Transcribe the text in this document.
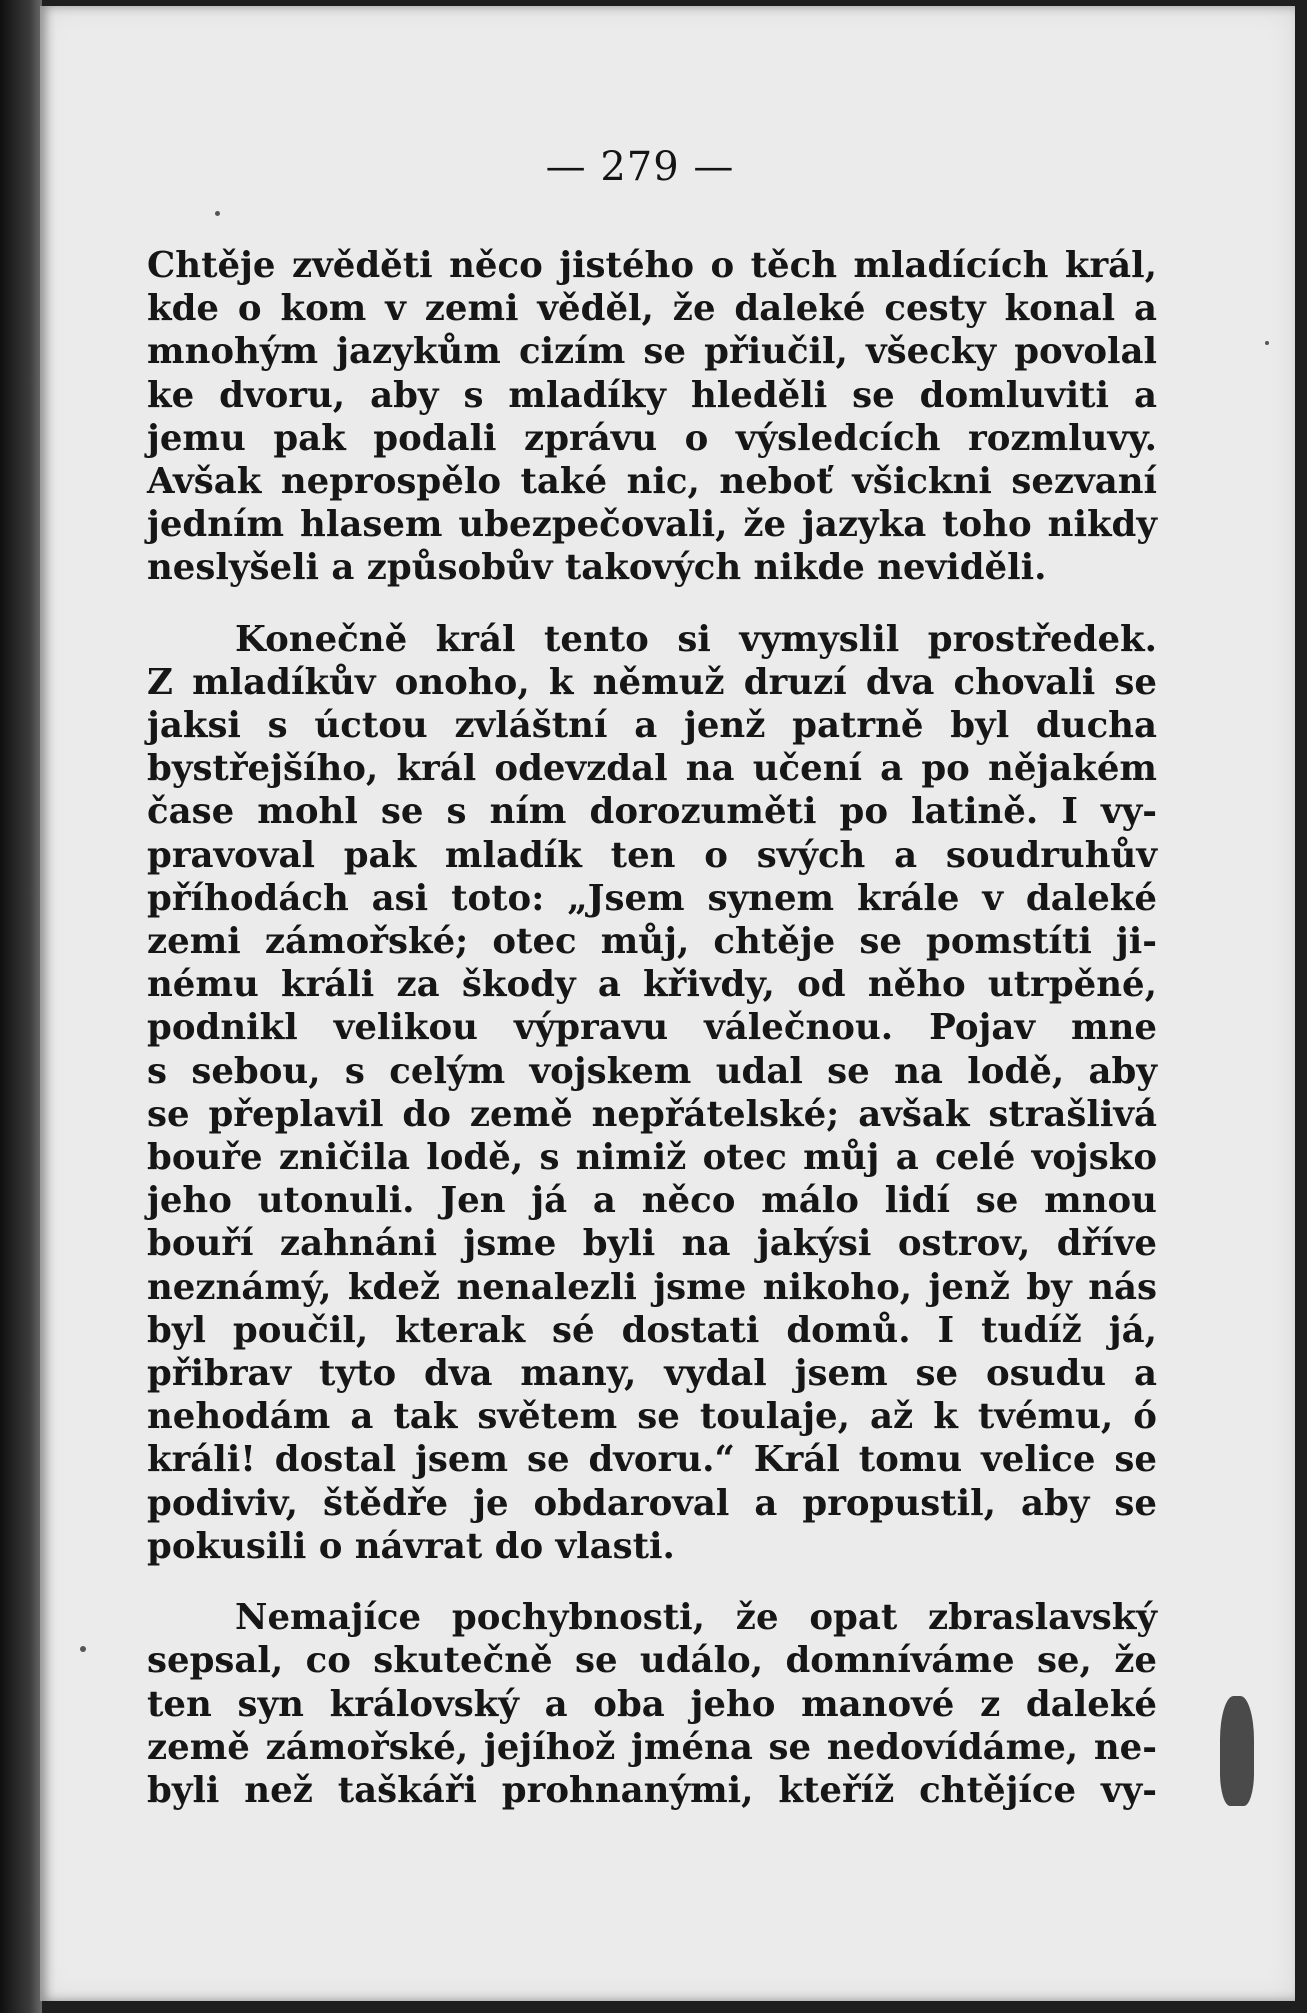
— 279 —

Chtěje zvěděti něco jistého o těch mladících král,
kde o kom v zemi věděl, že daleké cesty konal a
mnohým jazykům cizím se přiučil, všecky povolal
ke dvoru, aby s mladíky hleděli se domluviti a
jemu pak podali zprávu o výsledcích rozmluvy.
Avšak neprospělo také nic, neboť všickni sezvaní
jedním hlasem ubezpečovali, že jazyka toho nikdy
neslyšeli a způsobův takových nikde neviděli.

Konečně král tento si vymyslil prostředek.
Z mladíkův onoho, k němuž druzí dva chovali se
jaksi s úctou zvláštní a jenž patrně byl ducha
bystřejšího, král odevzdal na učení a po nějakém
čase mohl se s ním dorozuměti po latině. I vy-
pravoval pak mladík ten o svých a soudruhův
příhodách asi toto: „Jsem synem krále v daleké
zemi zámořské; otec můj, chtěje se pomstíti ji-
nému králi za škody a křivdy, od něho utrpěné,
podnikl velikou výpravu válečnou. Pojav mne
s sebou, s celým vojskem udal se na lodě, aby
se přeplavil do země nepřátelské; avšak strašlivá
bouře zničila lodě, s nimiž otec můj a celé vojsko
jeho utonuli. Jen já a něco málo lidí se mnou
bouří zahnáni jsme byli na jakýsi ostrov, dříve
neznámý, kdež nenalezli jsme nikoho, jenž by nás
byl poučil, kterak sé dostati domů. I tudíž já,
přibrav tyto dva many, vydal jsem se osudu a
nehodám a tak světem se toulaje, až k tvému, ó
králi! dostal jsem se dvoru.“ Král tomu velice se
podiviv, štědře je obdaroval a propustil, aby se
pokusili o návrat do vlasti.

Nemajíce pochybnosti, že opat zbraslavský
sepsal, co skutečně se událo, domníváme se, že
ten syn královský a oba jeho manové z daleké
země zámořské, jejíhož jména se nedovídáme, ne-
byli než taškáři prohnanými, kteříž chtějíce vy-
